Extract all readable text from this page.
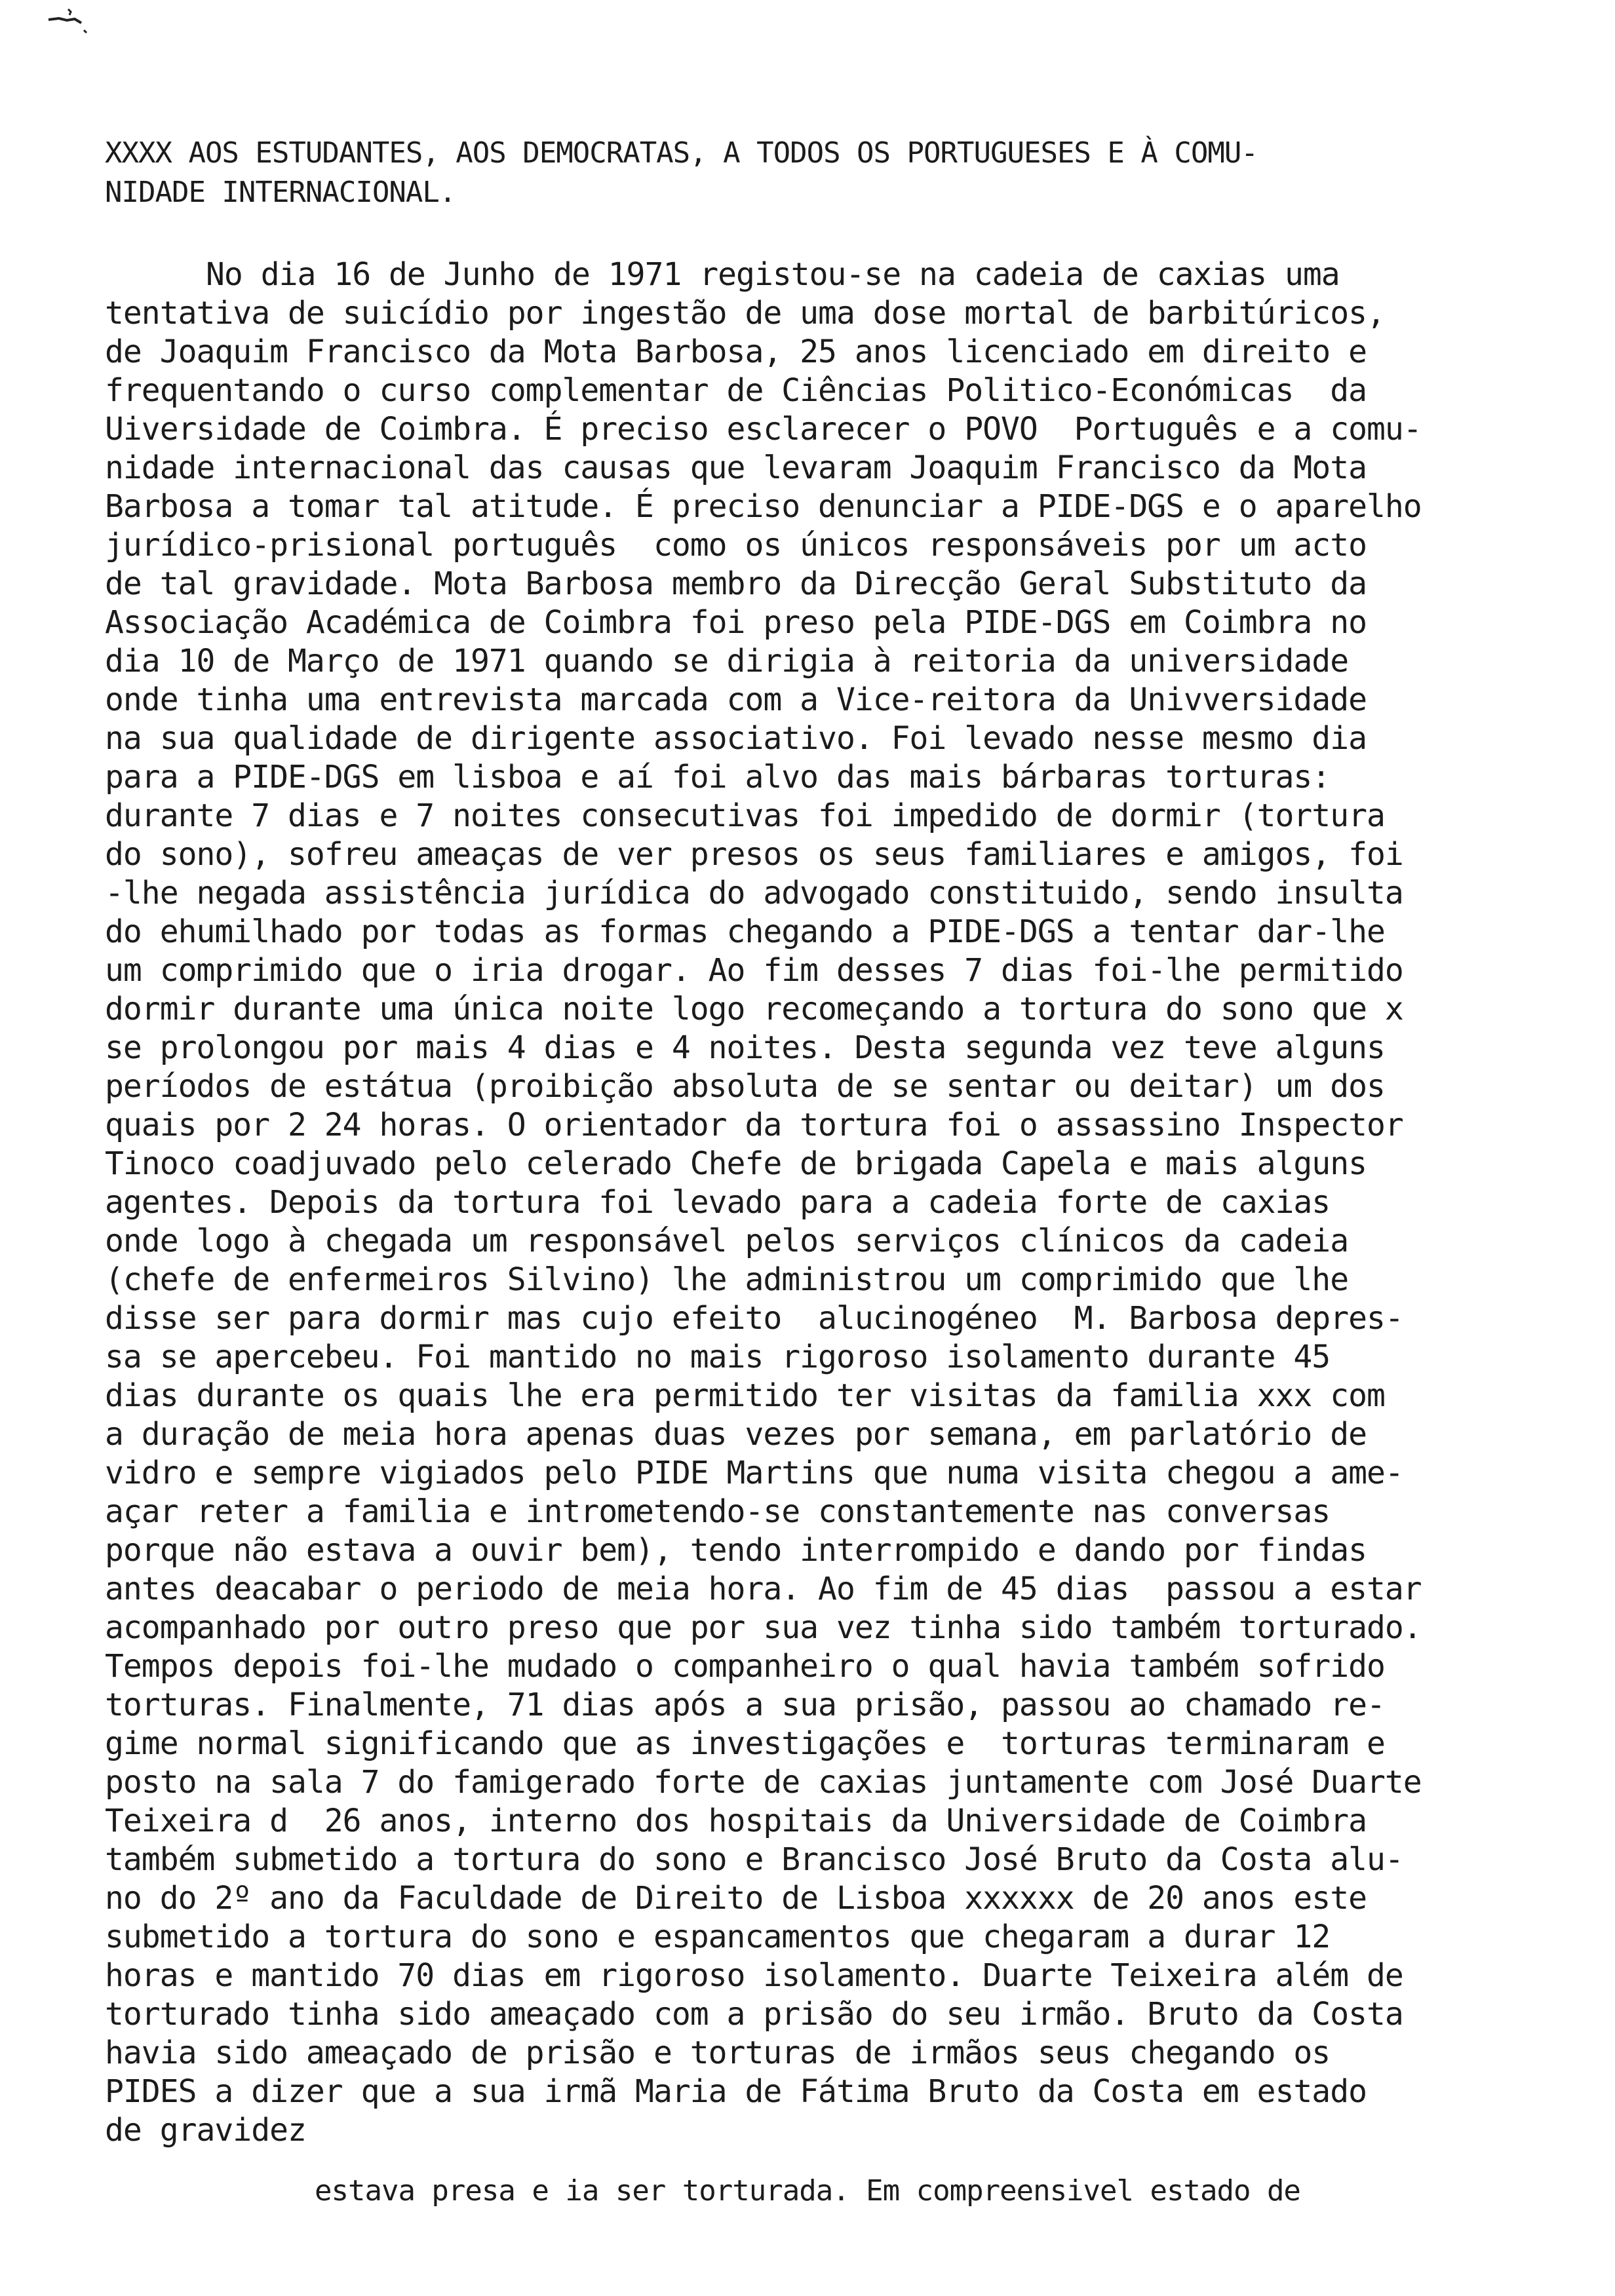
XXXX AOS ESTUDANTES, AOS DEMOCRATAS, A TODOS OS PORTUGUESES E À COMU-
NIDADE INTERNACIONAL.
No dia 16 de Junho de 1971 registou-se na cadeia de caxias uma
tentativa de suicídio por ingestão de uma dose mortal de barbitúricos,
de Joaquim Francisco da Mota Barbosa, 25 anos licenciado em direito e
frequentando o curso complementar de Ciências Politico-Económicas  da
Uiversidade de Coimbra. É preciso esclarecer o POVO  Português e a comu-
nidade internacional das causas que levaram Joaquim Francisco da Mota
Barbosa a tomar tal atitude. É preciso denunciar a PIDE-DGS e o aparelho
jurídico-prisional português  como os únicos responsáveis por um acto
de tal gravidade. Mota Barbosa membro da Direcção Geral Substituto da
Associação Académica de Coimbra foi preso pela PIDE-DGS em Coimbra no
dia 10 de Março de 1971 quando se dirigia à reitoria da universidade
onde tinha uma entrevista marcada com a Vice-reitora da Univversidade
na sua qualidade de dirigente associativo. Foi levado nesse mesmo dia
para a PIDE-DGS em lisboa e aí foi alvo das mais bárbaras torturas:
durante 7 dias e 7 noites consecutivas foi impedido de dormir (tortura
do sono), sofreu ameaças de ver presos os seus familiares e amigos, foi
-lhe negada assistência jurídica do advogado constituido, sendo insulta
do ehumilhado por todas as formas chegando a PIDE-DGS a tentar dar-lhe
um comprimido que o iria drogar. Ao fim desses 7 dias foi-lhe permitido
dormir durante uma única noite logo recomeçando a tortura do sono que x
se prolongou por mais 4 dias e 4 noites. Desta segunda vez teve alguns
períodos de estátua (proibição absoluta de se sentar ou deitar) um dos
quais por 2 24 horas. O orientador da tortura foi o assassino Inspector
Tinoco coadjuvado pelo celerado Chefe de brigada Capela e mais alguns
agentes. Depois da tortura foi levado para a cadeia forte de caxias
onde logo à chegada um responsável pelos serviços clínicos da cadeia
(chefe de enfermeiros Silvino) lhe administrou um comprimido que lhe
disse ser para dormir mas cujo efeito  alucinogéneo  M. Barbosa depres-
sa se apercebeu. Foi mantido no mais rigoroso isolamento durante 45
dias durante os quais lhe era permitido ter visitas da familia xxx com
a duração de meia hora apenas duas vezes por semana, em parlatório de
vidro e sempre vigiados pelo PIDE Martins que numa visita chegou a ame-
açar reter a familia e intrometendo-se constantemente nas conversas
porque não estava a ouvir bem), tendo interrompido e dando por findas
antes deacabar o periodo de meia hora. Ao fim de 45 dias  passou a estar
acompanhado por outro preso que por sua vez tinha sido também torturado.
Tempos depois foi-lhe mudado o companheiro o qual havia também sofrido
torturas. Finalmente, 71 dias após a sua prisão, passou ao chamado re-
gime normal significando que as investigações e  torturas terminaram e
posto na sala 7 do famigerado forte de caxias juntamente com José Duarte
Teixeira d  26 anos, interno dos hospitais da Universidade de Coimbra
também submetido a tortura do sono e Brancisco José Bruto da Costa alu-
no do 2º ano da Faculdade de Direito de Lisboa xxxxxx de 20 anos este
submetido a tortura do sono e espancamentos que chegaram a durar 12
horas e mantido 70 dias em rigoroso isolamento. Duarte Teixeira além de
torturado tinha sido ameaçado com a prisão do seu irmão. Bruto da Costa
havia sido ameaçado de prisão e torturas de irmãos seus chegando os
PIDES a dizer que a sua irmã Maria de Fátima Bruto da Costa em estado
de gravidez
estava presa e ia ser torturada. Em compreensivel estado de
